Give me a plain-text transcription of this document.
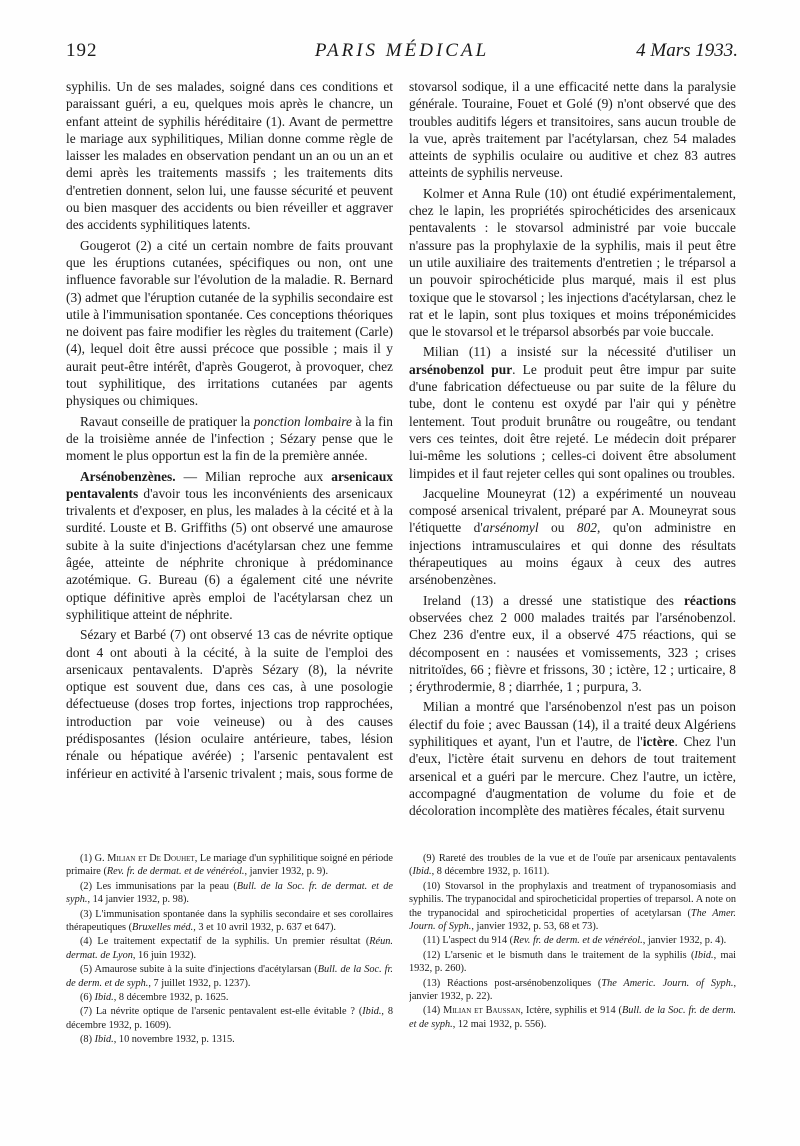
192	PARIS MÉDICAL	4 Mars 1933.

syphilis. Un de ses malades, soigné dans ces conditions et paraissant guéri, a eu, quelques mois après le chancre, un enfant atteint de syphilis héréditaire (1). Avant de permettre le mariage aux syphilitiques, Milian donne comme règle de laisser les malades en observation pendant un an ou un an et demi après les traitements massifs ; les traitements dits d'entretien donnent, selon lui, une fausse sécurité et peuvent ou bien masquer des accidents ou bien réveiller et aggraver des accidents syphilitiques latents.

Gougerot (2) a cité un certain nombre de faits prouvant que les éruptions cutanées, spécifiques ou non, ont une influence favorable sur l'évolution de la maladie. R. Bernard (3) admet que l'éruption cutanée de la syphilis secondaire est utile à l'immunisation spontanée. Ces conceptions théoriques ne doivent pas faire modifier les règles du traitement (Carle) (4), lequel doit être aussi précoce que possible ; mais il y aurait peut-être intérêt, d'après Gougerot, à provoquer, chez tout syphilitique, des irritations cutanées par agents physiques ou chimiques.

Ravaut conseille de pratiquer la ponction lombaire à la fin de la troisième année de l'infection ; Sézary pense que le moment le plus opportun est la fin de la première année.

Arsénobenzènes. — Milian reproche aux arsenicaux pentavalents d'avoir tous les inconvénients des arsenicaux trivalents et d'exposer, en plus, les malades à la cécité et à la surdité. Louste et B. Griffiths (5) ont observé une amaurose subite à la suite d'injections d'acétylarsan chez une femme âgée, atteinte de néphrite chronique à prédominance azotémique. G. Bureau (6) a également cité une névrite optique définitive après emploi de l'acétylarsan chez un syphilitique atteint de néphrite.

Sézary et Barbé (7) ont observé 13 cas de névrite optique dont 4 ont abouti à la cécité, à la suite de l'emploi des arsenicaux pentavalents. D'après Sézary (8), la névrite optique est souvent due, dans ces cas, à une posologie défectueuse (doses trop fortes, injections trop rapprochées, introduction par voie veineuse) ou à des causes prédisposantes (lésion oculaire antérieure, tabes, lésion rénale ou hépatique avérée) ; l'arsenic pentavalent est inférieur en activité à l'arsenic trivalent ; mais, sous forme de

stovarsol sodique, il a une efficacité nette dans la paralysie générale. Touraine, Fouet et Golé (9) n'ont observé que des troubles auditifs légers et transitoires, sans aucun trouble de la vue, après traitement par l'acétylarsan, chez 54 malades atteints de syphilis oculaire ou auditive et chez 83 autres atteints de syphilis nerveuse.

Kolmer et Anna Rule (10) ont étudié expérimentalement, chez le lapin, les propriétés spirochéticides des arsenicaux pentavalents : le stovarsol administré par voie buccale n'assure pas la prophylaxie de la syphilis, mais il peut être un utile auxiliaire des traitements d'entretien ; le tréparsol a un pouvoir spirochéticide plus marqué, mais il est plus toxique que le stovarsol ; les injections d'acétylarsan, chez le rat et le lapin, sont plus toxiques et moins tréponémicides que le stovarsol et le tréparsol absorbés par voie buccale.

Milian (11) a insisté sur la nécessité d'utiliser un arsénobenzol pur. Le produit peut être impur par suite d'une fabrication défectueuse ou par suite de la fêlure du tube, dont le contenu est oxydé par l'air qui y pénètre lentement. Tout produit brunâtre ou rougeâtre, ou tendant vers ces teintes, doit être rejeté. Le médecin doit préparer lui-même les solutions ; celles-ci doivent être absolument limpides et il faut rejeter celles qui sont opalines ou troubles.

Jacqueline Mouneyrat (12) a expérimenté un nouveau composé arsenical trivalent, préparé par A. Mouneyrat sous l'étiquette d'arsénomyl ou 802, qu'on administre en injections intramusculaires et qui donne des résultats thérapeutiques au moins égaux à ceux des autres arsénobenzènes.

Ireland (13) a dressé une statistique des réactions observées chez 2 000 malades traités par l'arsénobenzol. Chez 236 d'entre eux, il a observé 475 réactions, qui se décomposent en : nausées et vomissements, 323 ; crises nitritoïdes, 66 ; fièvre et frissons, 30 ; ictère, 12 ; urticaire, 8 ; érythrodermie, 8 ; diarrhée, 1 ; purpura, 3.

Milian a montré que l'arsénobenzol n'est pas un poison électif du foie ; avec Baussan (14), il a traité deux Algériens syphilitiques et ayant, l'un et l'autre, de l'ictère. Chez l'un d'eux, l'ictère était survenu en dehors de tout traitement arsenical et a guéri par le mercure. Chez l'autre, un ictère, accompagné d'augmentation de volume du foie et de décoloration incomplète des matières fécales, était survenu

(1) G. Milian et De Douhet, Le mariage d'un syphilitique soigné en période primaire (Rev. fr. de dermat. et de vénéréol., janvier 1932, p. 9).

(2) Les immunisations par la peau (Bull. de la Soc. fr. de dermat. et de syph., 14 janvier 1932, p. 98).

(3) L'immunisation spontanée dans la syphilis secondaire et ses corollaires thérapeutiques (Bruxelles méd., 3 et 10 avril 1932, p. 637 et 647).

(4) Le traitement expectatif de la syphilis. Un premier résultat (Réun. dermat. de Lyon, 16 juin 1932).

(5) Amaurose subite à la suite d'injections d'acétylarsan (Bull. de la Soc. fr. de derm. et de syph., 7 juillet 1932, p. 1237).

(6) Ibid., 8 décembre 1932, p. 1625.

(7) La névrite optique de l'arsenic pentavalent est-elle évitable ? (Ibid., 8 décembre 1932, p. 1609).

(8) Ibid., 10 novembre 1932, p. 1315.

(9) Rareté des troubles de la vue et de l'ouïe par arsenicaux pentavalents (Ibid., 8 décembre 1932, p. 1611).

(10) Stovarsol in the prophylaxis and treatment of trypanosomiasis and syphilis. The trypanocidal and spirocheticidal properties of treparsol. A note on the trypanocidal and spirocheticidal properties of acetylarsan (The Amer. Journ. of Syph., janvier 1932, p. 53, 68 et 73).

(11) L'aspect du 914 (Rev. fr. de derm. et de vénéréol., janvier 1932, p. 4).

(12) L'arsenic et le bismuth dans le traitement de la syphilis (Ibid., mai 1932, p. 260).

(13) Réactions post-arsénobenzoliques (The Americ. Journ. of Syph., janvier 1932, p. 22).

(14) Milian et Baussan, Ictère, syphilis et 914 (Bull. de la Soc. fr. de derm. et de syph., 12 mai 1932, p. 556).
